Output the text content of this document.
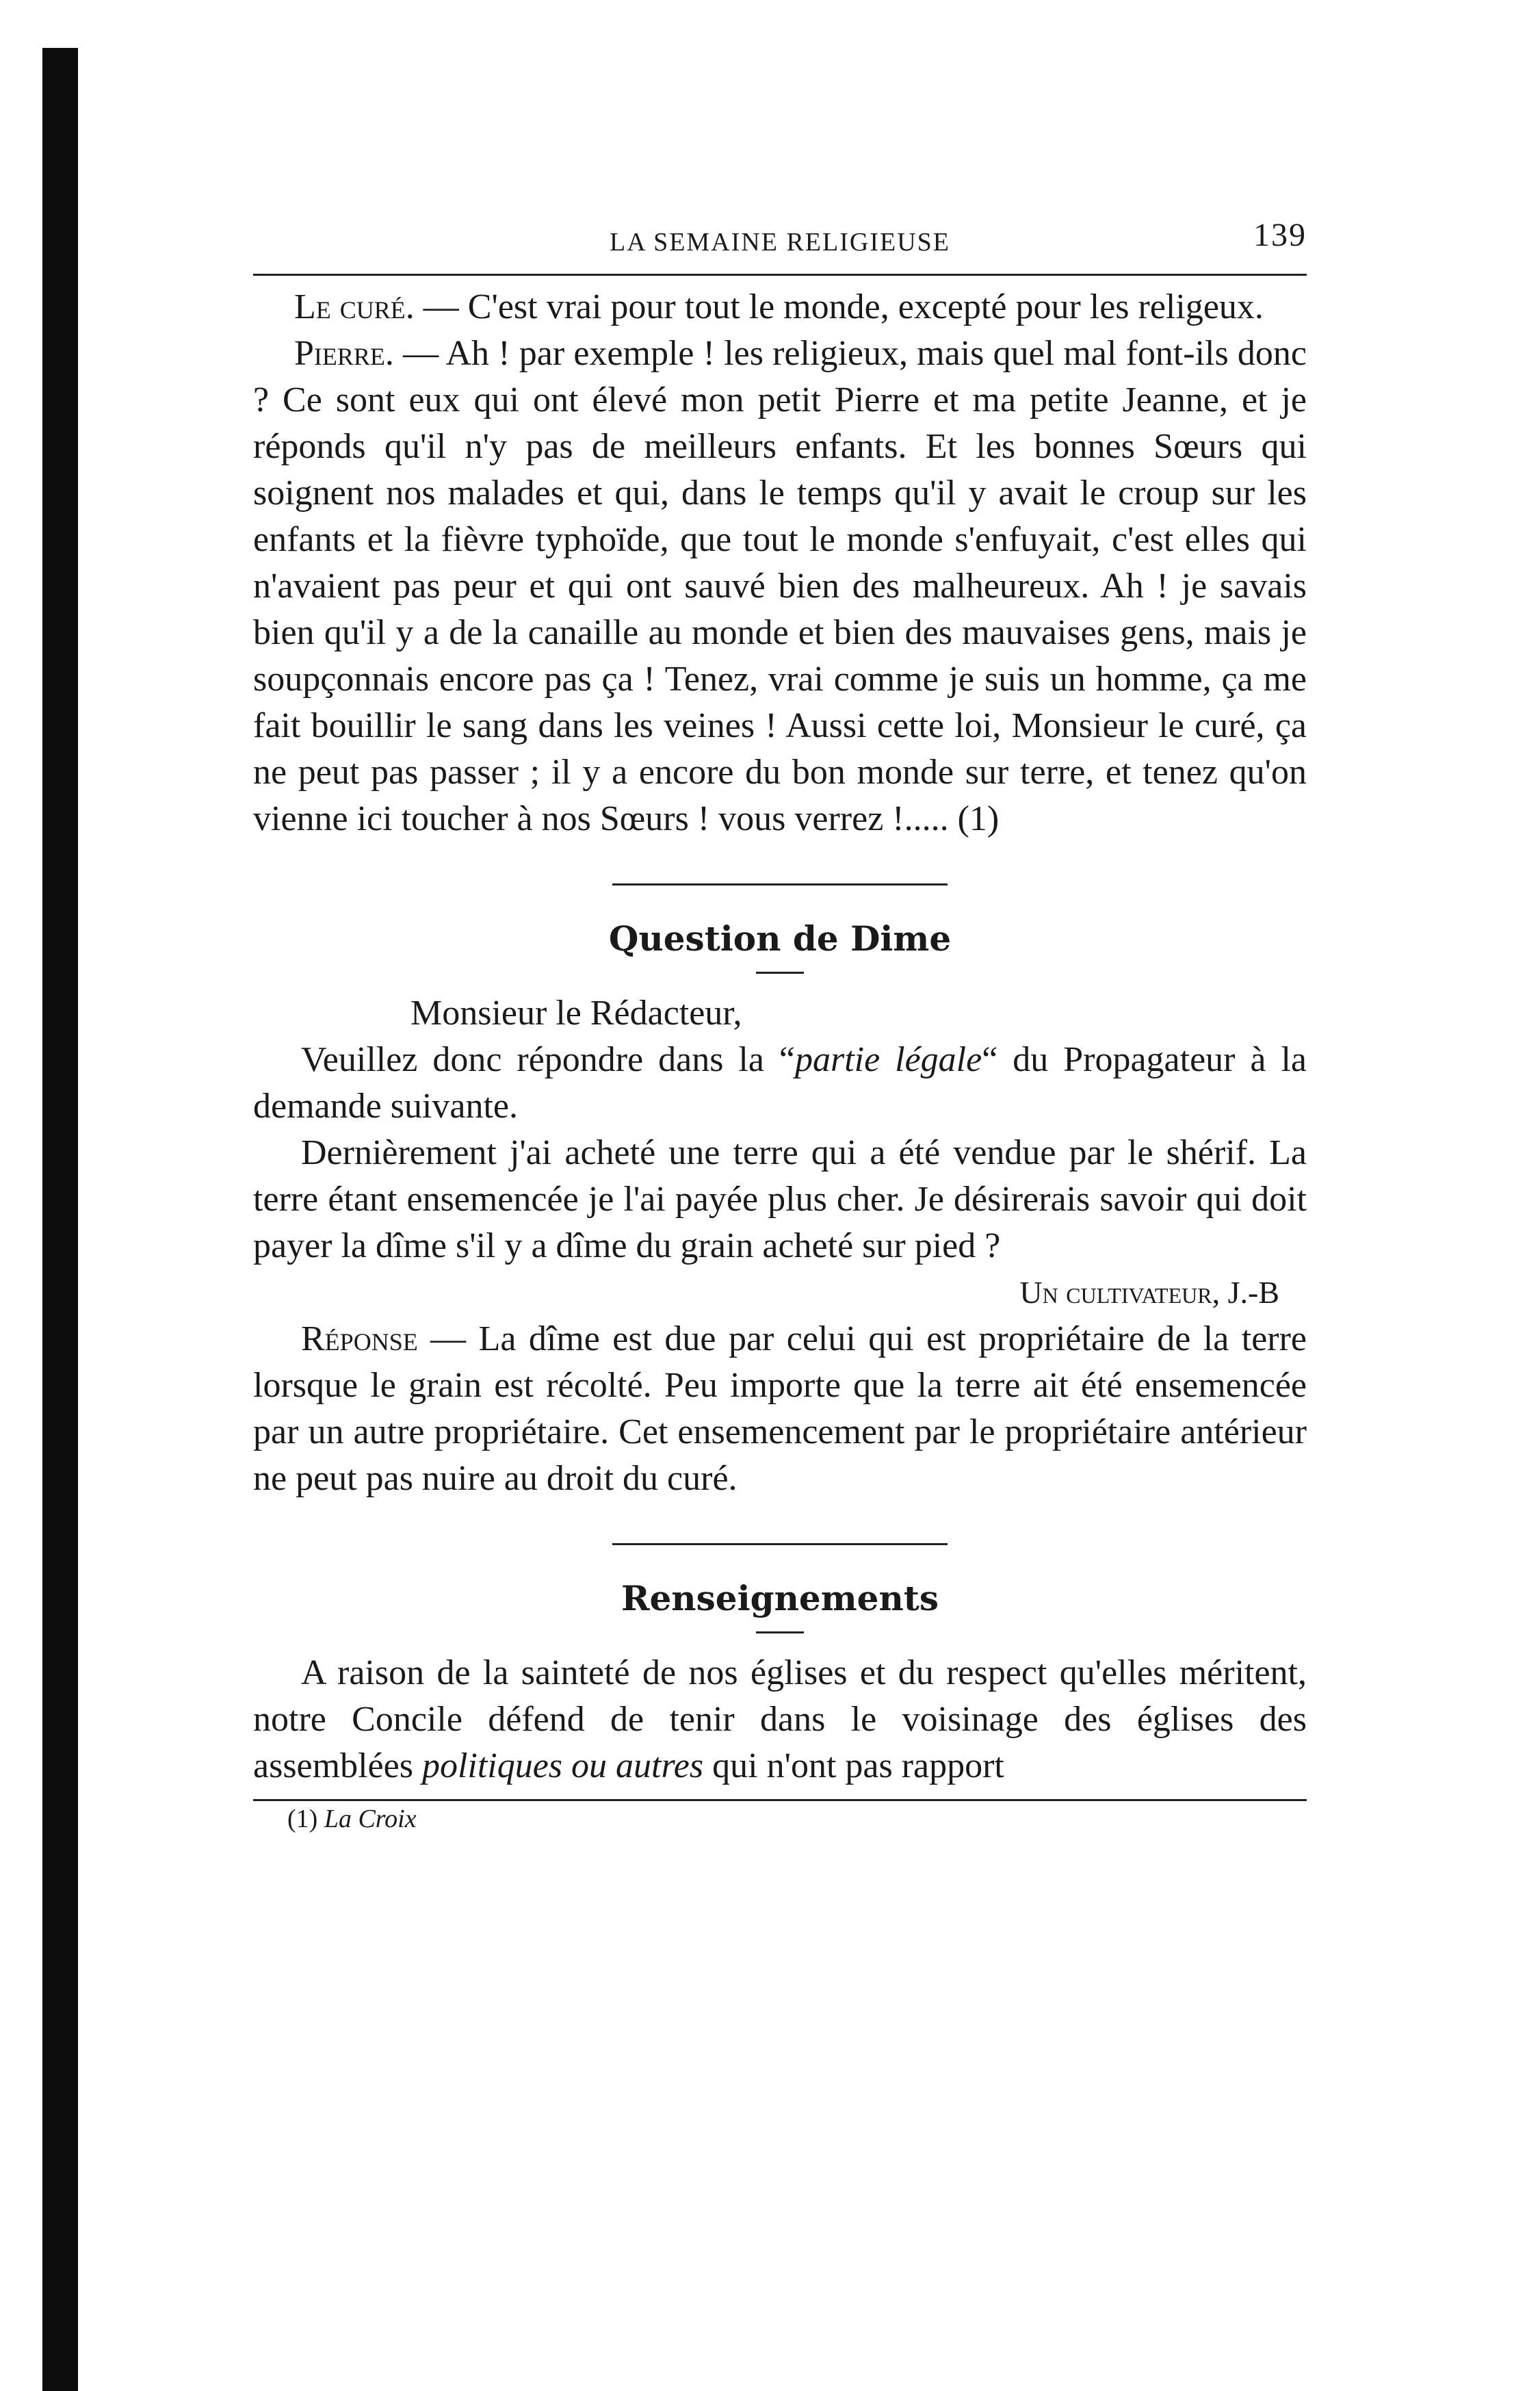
LA SEMAINE RELIGIEUSE	139

Le curé. — C'est vrai pour tout le monde, excepté pour les religeux.

Pierre. — Ah ! par exemple ! les religieux, mais quel mal font-ils donc ? Ce sont eux qui ont élevé mon petit Pierre et ma petite Jeanne, et je réponds qu'il n'y pas de meilleurs enfants. Et les bonnes Sœurs qui soignent nos malades et qui, dans le temps qu'il y avait le croup sur les enfants et la fièvre typhoïde, que tout le monde s'enfuyait, c'est elles qui n'avaient pas peur et qui ont sauvé bien des malheureux. Ah ! je savais bien qu'il y a de la canaille au monde et bien des mauvaises gens, mais je soupçonnais encore pas ça ! Tenez, vrai comme je suis un homme, ça me fait bouillir le sang dans les veines ! Aussi cette loi, Monsieur le curé, ça ne peut pas passer ; il y a encore du bon monde sur terre, et tenez qu'on vienne ici toucher à nos Sœurs ! vous verrez !..... (1)

Question de Dime

Monsieur le Rédacteur,

Veuillez donc répondre dans la “partie légale“ du Propagateur à la demande suivante.

Dernièrement j'ai acheté une terre qui a été vendue par le shérif. La terre étant ensemencée je l'ai payée plus cher. Je désirerais savoir qui doit payer la dîme s'il y a dîme du grain acheté sur pied ?

Un cultivateur, J.-B

Réponse — La dîme est due par celui qui est propriétaire de la terre lorsque le grain est récolté. Peu importe que la terre ait été ensemencée par un autre propriétaire. Cet ensemencement par le propriétaire antérieur ne peut pas nuire au droit du curé.

Renseignements

A raison de la sainteté de nos églises et du respect qu'elles méritent, notre Concile défend de tenir dans le voisinage des églises des assemblées politiques ou autres qui n'ont pas rapport

(1) La Croix
